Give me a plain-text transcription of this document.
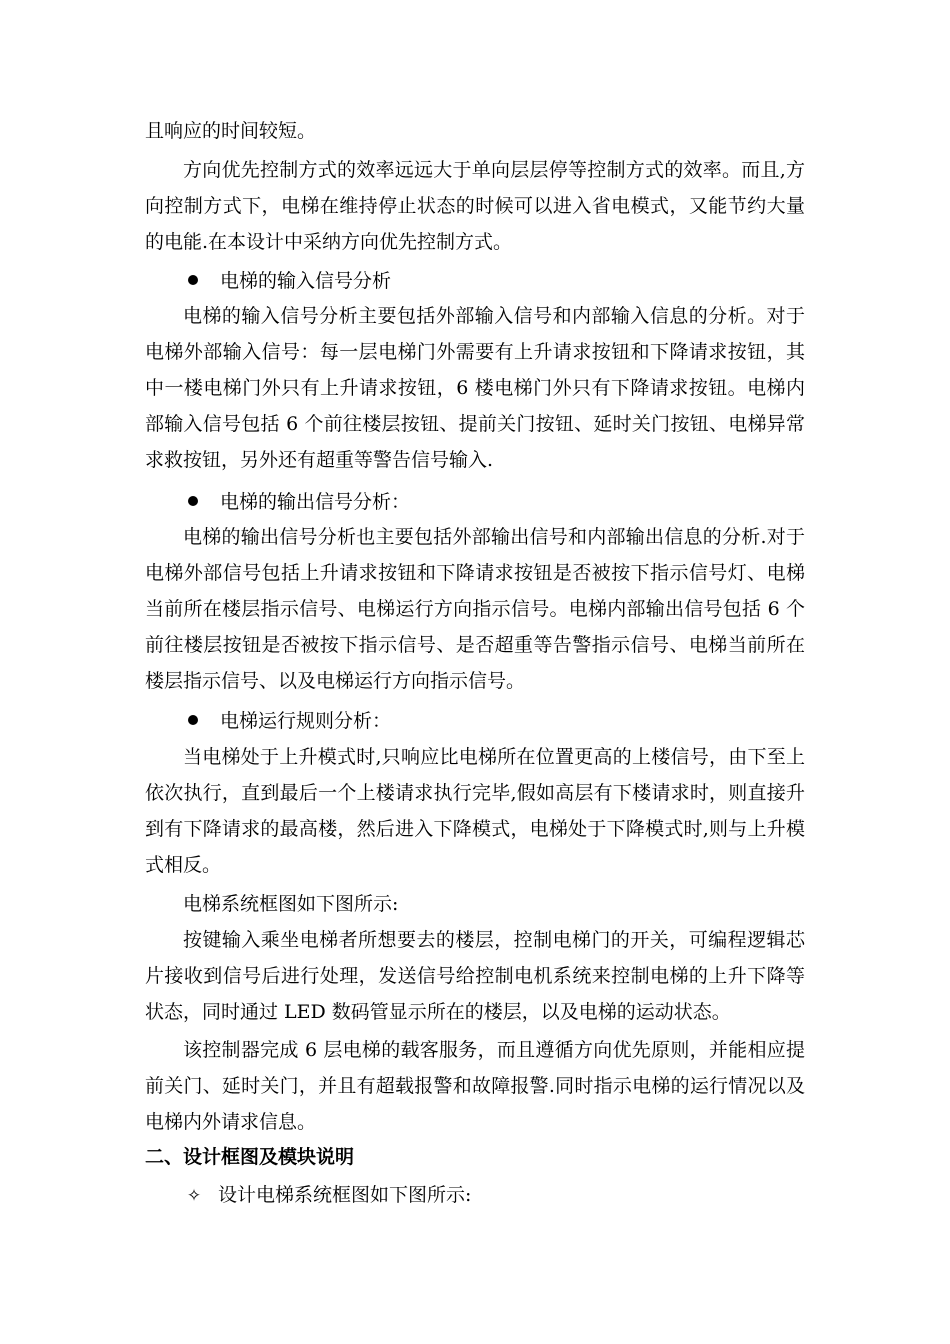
且响应的时间较短。
方向优先控制方式的效率远远大于单向层层停等控制方式的效率。而且,方
向控制方式下，电梯在维持停止状态的时候可以进入省电模式，又能节约大量
的电能.在本设计中采纳方向优先控制方式。
电梯的输入信号分析
电梯的输入信号分析主要包括外部输入信号和内部输入信息的分析。对于
电梯外部输入信号：每一层电梯门外需要有上升请求按钮和下降请求按钮，其
中一楼电梯门外只有上升请求按钮，6 楼电梯门外只有下降请求按钮。电梯内
部输入信号包括 6 个前往楼层按钮、提前关门按钮、延时关门按钮、电梯异常
求救按钮，另外还有超重等警告信号输入.
电梯的输出信号分析：
电梯的输出信号分析也主要包括外部输出信号和内部输出信息的分析.对于
电梯外部信号包括上升请求按钮和下降请求按钮是否被按下指示信号灯、电梯
当前所在楼层指示信号、电梯运行方向指示信号。电梯内部输出信号包括 6 个
前往楼层按钮是否被按下指示信号、是否超重等告警指示信号、电梯当前所在
楼层指示信号、以及电梯运行方向指示信号。
电梯运行规则分析：
当电梯处于上升模式时,只响应比电梯所在位置更高的上楼信号，由下至上
依次执行，直到最后一个上楼请求执行完毕,假如高层有下楼请求时，则直接升
到有下降请求的最高楼，然后进入下降模式，电梯处于下降模式时,则与上升模
式相反。
电梯系统框图如下图所示:
按键输入乘坐电梯者所想要去的楼层，控制电梯门的开关，可编程逻辑芯
片接收到信号后进行处理，发送信号给控制电机系统来控制电梯的上升下降等
状态，同时通过 LED 数码管显示所在的楼层，以及电梯的运动状态。
该控制器完成 6 层电梯的载客服务，而且遵循方向优先原则，并能相应提
前关门、延时关门，并且有超载报警和故障报警.同时指示电梯的运行情况以及
电梯内外请求信息。
二、设计框图及模块说明
✧ 设计电梯系统框图如下图所示:
